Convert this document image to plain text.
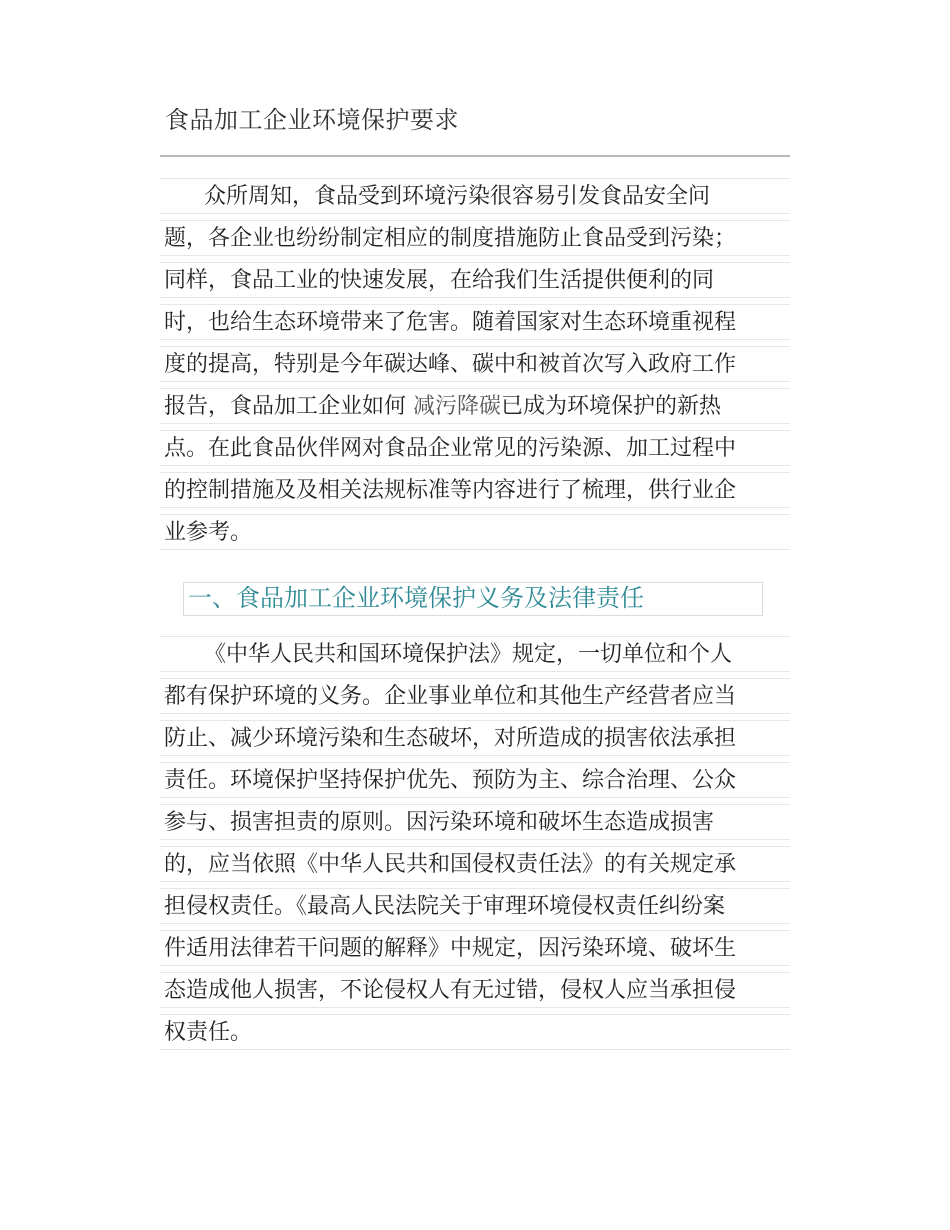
食品加工企业环境保护要求
众所周知，食品受到环境污染很容易引发食品安全问
题，各企业也纷纷制定相应的制度措施防止食品受到污染；
同样，食品工业的快速发展，在给我们生活提供便利的同
时，也给生态环境带来了危害。随着国家对生态环境重视程
度的提高，特别是今年碳达峰、碳中和被首次写入政府工作
报告，食品加工企业如何 减污降碳已成为环境保护的新热
点。在此食品伙伴网对食品企业常见的污染源、加工过程中
的控制措施及及相关法规标准等内容进行了梳理，供行业企
业参考。
一、食品加工企业环境保护义务及法律责任
《中华人民共和国环境保护法》规定，一切单位和个人
都有保护环境的义务。企业事业单位和其他生产经营者应当
防止、减少环境污染和生态破坏，对所造成的损害依法承担
责任。环境保护坚持保护优先、预防为主、综合治理、公众
参与、损害担责的原则。因污染环境和破坏生态造成损害
的，应当依照《中华人民共和国侵权责任法》的有关规定承
担侵权责任。《最高人民法院关于审理环境侵权责任纠纷案
件适用法律若干问题的解释》中规定，因污染环境、破坏生
态造成他人损害，不论侵权人有无过错，侵权人应当承担侵
权责任。
